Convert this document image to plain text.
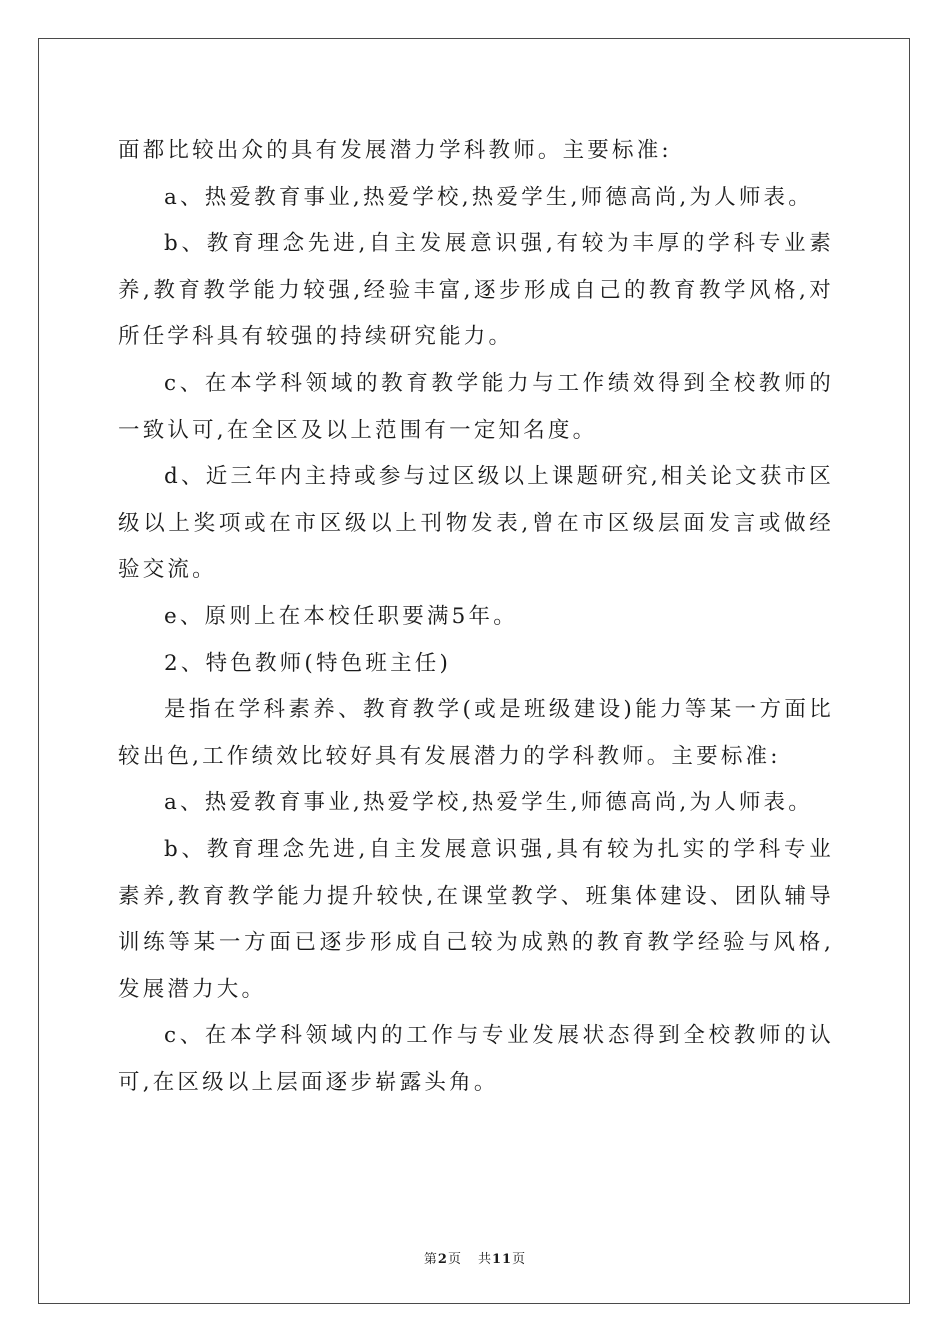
面都比较出众的具有发展潜力学科教师。主要标准:

a、热爱教育事业,热爱学校,热爱学生,师德高尚,为人师表。

b、教育理念先进,自主发展意识强,有较为丰厚的学科专业素养,教育教学能力较强,经验丰富,逐步形成自己的教育教学风格,对所任学科具有较强的持续研究能力。

c、在本学科领域的教育教学能力与工作绩效得到全校教师的一致认可,在全区及以上范围有一定知名度。

d、近三年内主持或参与过区级以上课题研究,相关论文获市区级以上奖项或在市区级以上刊物发表,曾在市区级层面发言或做经验交流。

e、原则上在本校任职要满5年。

2、特色教师(特色班主任)

是指在学科素养、教育教学(或是班级建设)能力等某一方面比较出色,工作绩效比较好具有发展潜力的学科教师。主要标准:

a、热爱教育事业,热爱学校,热爱学生,师德高尚,为人师表。

b、教育理念先进,自主发展意识强,具有较为扎实的学科专业素养,教育教学能力提升较快,在课堂教学、班集体建设、团队辅导训练等某一方面已逐步形成自己较为成熟的教育教学经验与风格,发展潜力大。

c、在本学科领域内的工作与专业发展状态得到全校教师的认可,在区级以上层面逐步崭露头角。

第2页 共11页
